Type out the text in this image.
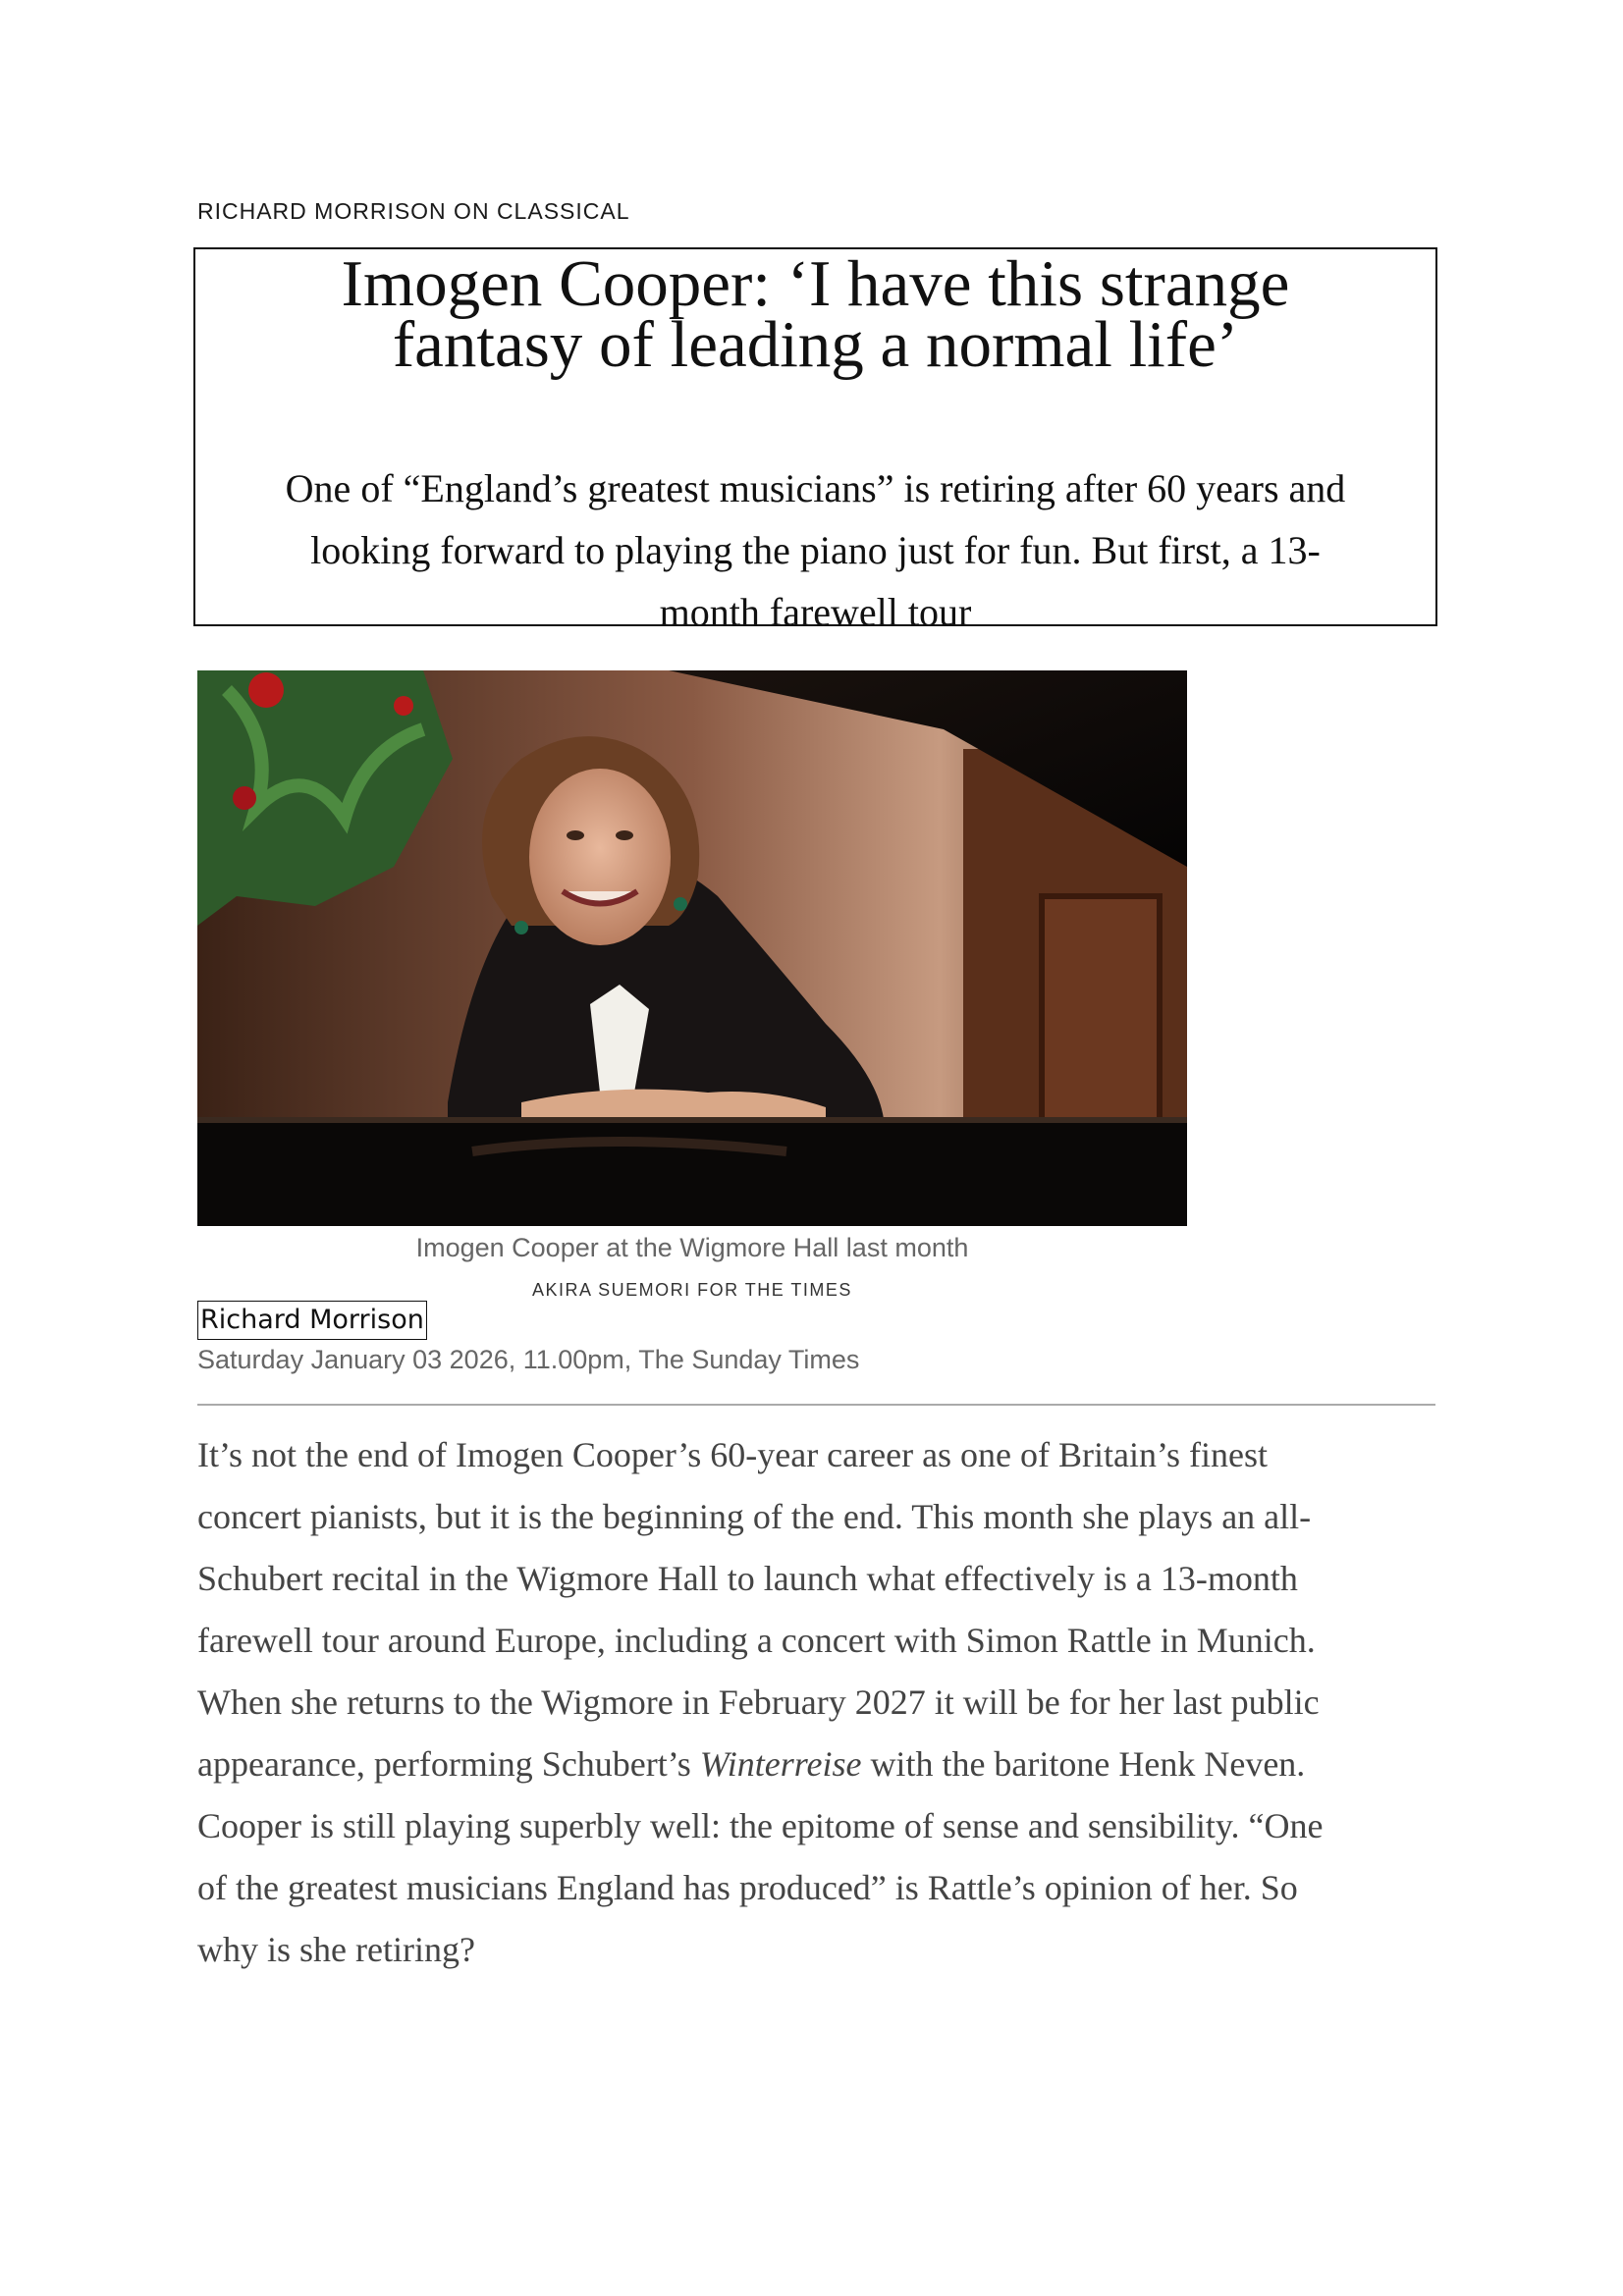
RICHARD MORRISON ON CLASSICAL
Imogen Cooper: ‘I have this strange
fantasy of leading a normal life’
One of “England’s greatest musicians” is retiring after 60 years and
looking forward to playing the piano just for fun. But first, a 13-
month farewell tour
Imogen Cooper at the Wigmore Hall last month
AKIRA SUEMORI FOR THE TIMES
Richard Morrison
Saturday January 03 2026, 11.00pm, The Sunday Times
It’s not the end of Imogen Cooper’s 60-year career as one of Britain’s finest
concert pianists, but it is the beginning of the end. This month she plays an all-
Schubert recital in the Wigmore Hall to launch what effectively is a 13-month
farewell tour around Europe, including a concert with Simon Rattle in Munich.
When she returns to the Wigmore in February 2027 it will be for her last public
appearance, performing Schubert’s Winterreise with the baritone Henk Neven.
Cooper is still playing superbly well: the epitome of sense and sensibility. “One
of the greatest musicians England has produced” is Rattle’s opinion of her. So
why is she retiring?
